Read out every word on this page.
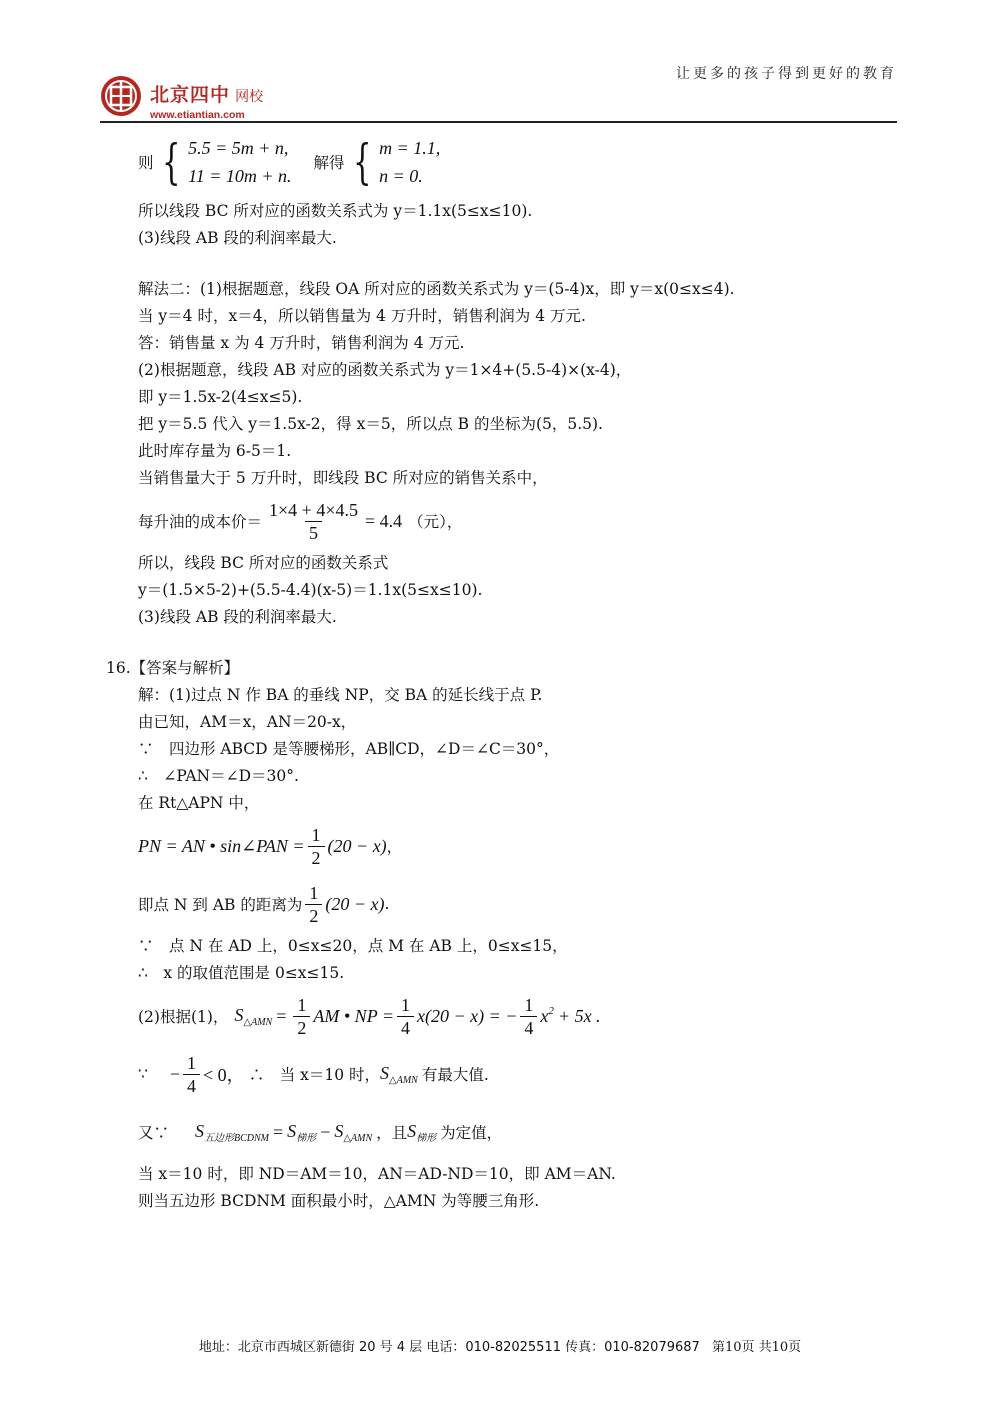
北京四中 网校
www.etiantian.com
让更多的孩子得到更好的教育
则 { 5.5 = 5m + n,
11 = 10m + n.
解得 { m = 1.1,
n = 0.
所以线段 BC 所对应的函数关系式为 y＝1.1x(5≤x≤10).
(3)线段 AB 段的利润率最大.
解法二：(1)根据题意，线段 OA 所对应的函数关系式为 y＝(5-4)x，即 y＝x(0≤x≤4).
当 y＝4 时，x＝4，所以销售量为 4 万升时，销售利润为 4 万元.
答：销售量 x 为 4 万升时，销售利润为 4 万元.
(2)根据题意，线段 AB 对应的函数关系式为 y＝1×4+(5.5-4)×(x-4)，
即 y＝1.5x-2(4≤x≤5).
把 y＝5.5 代入 y＝1.5x-2，得 x＝5，所以点 B 的坐标为(5，5.5).
此时库存量为 6-5＝1.
当销售量大于 5 万升时，即线段 BC 所对应的销售关系中，
每升油的成本价＝ $\frac{1\times 4 + 4\times 4.5}{5} = 4.4$ （元），
所以，线段 BC 所对应的函数关系式
y＝(1.5×5-2)+(5.5-4.4)(x-5)＝1.1x(5≤x≤10).
(3)线段 AB 段的利润率最大.
16.【答案与解析】
解：(1)过点 N 作 BA 的垂线 NP，交 BA 的延长线于点 P.
由已知，AM＝x，AN＝20-x，
∵　四边形 ABCD 是等腰梯形，AB∥CD，∠D＝∠C＝30°，
∴　∠PAN＝∠D＝30°.
在 Rt△APN 中，
PN = AN • sin∠PAN = $\frac{1}{2} (20 - x)$ ，
即点 N 到 AB 的距离为 $\frac{1}{2} (20 - x)$ .
∵　点 N 在 AD 上，0≤x≤20，点 M 在 AB 上，0≤x≤15，
∴　x 的取值范围是 0≤x≤15.
(2)根据(1)， $S_{\triangle AMN} = \frac{1}{2}$ AM • NP = $\frac{1}{4} x(20 - x)$ = − $\frac{1}{4} x^2 + 5x$ .
∵ − $\frac{1}{4} < 0$， ∴　当 x＝10 时， $S_{\triangle AMN}$ 有最大值.
又∵ $S_{五边形BCDNM} = S_{梯形} - S_{\triangle AMN}$ ，且 $S_{梯形}$ 为定值，
当 x＝10 时，即 ND＝AM＝10，AN＝AD-ND＝10，即 AM＝AN.
则当五边形 BCDNM 面积最小时，△AMN 为等腰三角形.
地址：北京市西城区新德街 20 号 4 层 电话：010-82025511 传真：010-82079687 第10页 共10页
